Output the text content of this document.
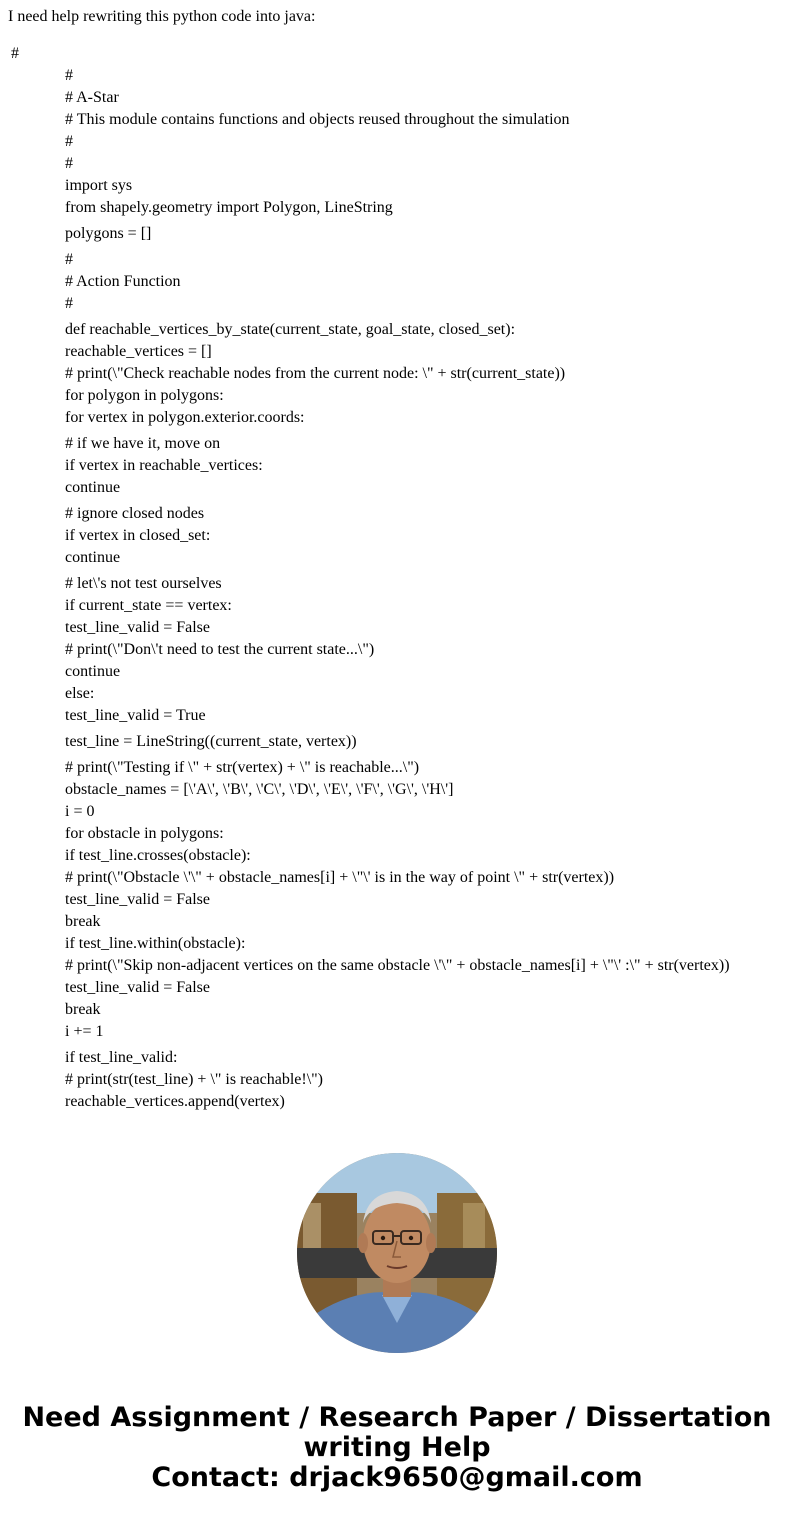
I need help rewriting this python code into java:
#
#
# A-Star
# This module contains functions and objects reused throughout the simulation
#
#
import sys
from shapely.geometry import Polygon, LineString
polygons = []
#
# Action Function
#
def reachable_vertices_by_state(current_state, goal_state, closed_set):
reachable_vertices = []
# print(\"Check reachable nodes from the current node: \" + str(current_state))
for polygon in polygons:
for vertex in polygon.exterior.coords:
# if we have it, move on
if vertex in reachable_vertices:
continue
# ignore closed nodes
if vertex in closed_set:
continue
# let\'s not test ourselves
if current_state == vertex:
test_line_valid = False
# print(\"Don\'t need to test the current state...\")
continue
else:
test_line_valid = True
test_line = LineString((current_state, vertex))
# print(\"Testing if \" + str(vertex) + \" is reachable...\")
obstacle_names = [\'A\', \'B\', \'C\', \'D\', \'E\', \'F\', \'G\', \'H\']
i = 0
for obstacle in polygons:
if test_line.crosses(obstacle):
# print(\"Obstacle \'\" + obstacle_names[i] + \"\' is in the way of point \" + str(vertex))
test_line_valid = False
break
if test_line.within(obstacle):
# print(\"Skip non-adjacent vertices on the same obstacle \'\" + obstacle_names[i] + \"\' :\" + str(vertex))
test_line_valid = False
break
i += 1
if test_line_valid:
# print(str(test_line) + \" is reachable!\")
reachable_vertices.append(vertex)
Need Assignment / Research Paper / Dissertation
writing Help
Contact: drjack9650@gmail.com
